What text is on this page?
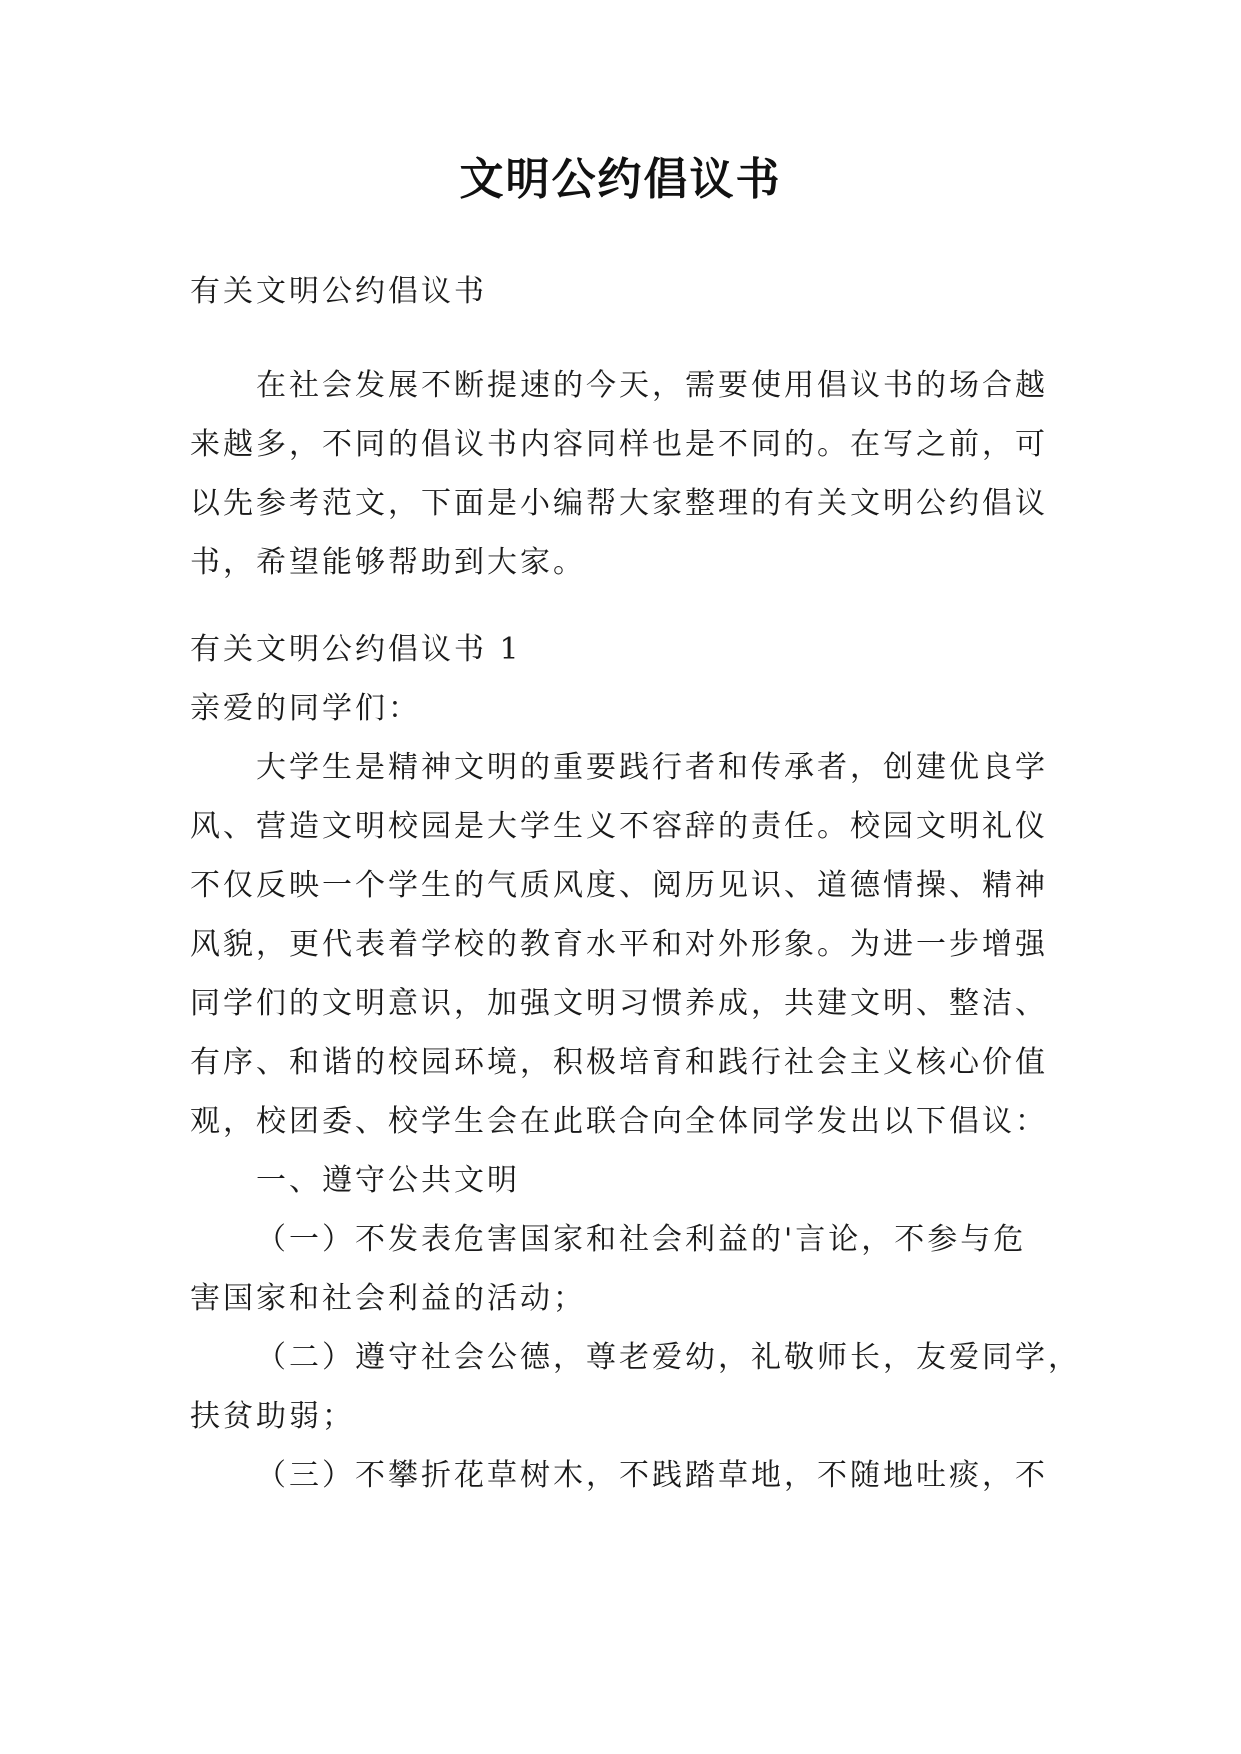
文明公约倡议书
有关文明公约倡议书
在社会发展不断提速的今天，需要使用倡议书的场合越
来越多，不同的倡议书内容同样也是不同的。在写之前，可
以先参考范文，下面是小编帮大家整理的有关文明公约倡议
书，希望能够帮助到大家。
有关文明公约倡议书 1
亲爱的同学们：
大学生是精神文明的重要践行者和传承者，创建优良学
风、营造文明校园是大学生义不容辞的责任。校园文明礼仪
不仅反映一个学生的气质风度、阅历见识、道德情操、精神
风貌，更代表着学校的教育水平和对外形象。为进一步增强
同学们的文明意识，加强文明习惯养成，共建文明、整洁、
有序、和谐的校园环境，积极培育和践行社会主义核心价值
观，校团委、校学生会在此联合向全体同学发出以下倡议：
一、遵守公共文明
（一）不发表危害国家和社会利益的'言论，不参与危
害国家和社会利益的活动；
（二）遵守社会公德，尊老爱幼，礼敬师长，友爱同学，
扶贫助弱；
（三）不攀折花草树木，不践踏草地，不随地吐痰，不
